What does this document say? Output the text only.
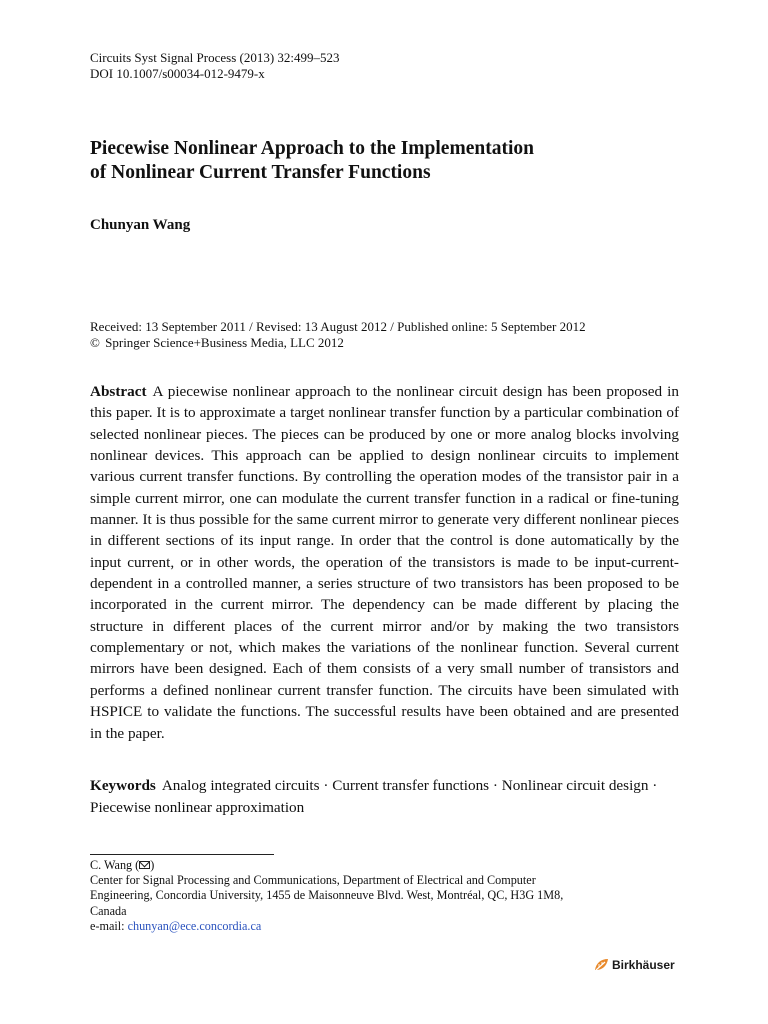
Circuits Syst Signal Process (2013) 32:499–523
DOI 10.1007/s00034-012-9479-x
Piecewise Nonlinear Approach to the Implementation
of Nonlinear Current Transfer Functions
Chunyan Wang
Received: 13 September 2011 / Revised: 13 August 2012 / Published online: 5 September 2012
© Springer Science+Business Media, LLC 2012
Abstract A piecewise nonlinear approach to the nonlinear circuit design has been proposed in this paper. It is to approximate a target nonlinear transfer function by a particular combination of selected nonlinear pieces. The pieces can be produced by one or more analog blocks involving nonlinear devices. This approach can be applied to design nonlinear circuits to implement various current transfer functions. By controlling the operation modes of the transistor pair in a simple current mirror, one can modulate the current transfer function in a radical or fine-tuning manner. It is thus possible for the same current mirror to generate very different nonlinear pieces in different sections of its input range. In order that the control is done automatically by the input current, or in other words, the operation of the transistors is made to be input-current-dependent in a controlled manner, a series structure of two transistors has been proposed to be incorporated in the current mirror. The dependency can be made different by placing the structure in different places of the current mirror and/or by making the two transistors complementary or not, which makes the variations of the nonlinear function. Several current mirrors have been designed. Each of them consists of a very small number of transistors and performs a defined nonlinear current transfer function. The circuits have been simulated with HSPICE to validate the functions. The successful results have been obtained and are presented in the paper.
Keywords Analog integrated circuits · Current transfer functions · Nonlinear circuit design · Piecewise nonlinear approximation
C. Wang ( )
Center for Signal Processing and Communications, Department of Electrical and Computer
Engineering, Concordia University, 1455 de Maisonneuve Blvd. West, Montréal, QC, H3G 1M8,
Canada
e-mail: chunyan@ece.concordia.ca
Birkhäuser
